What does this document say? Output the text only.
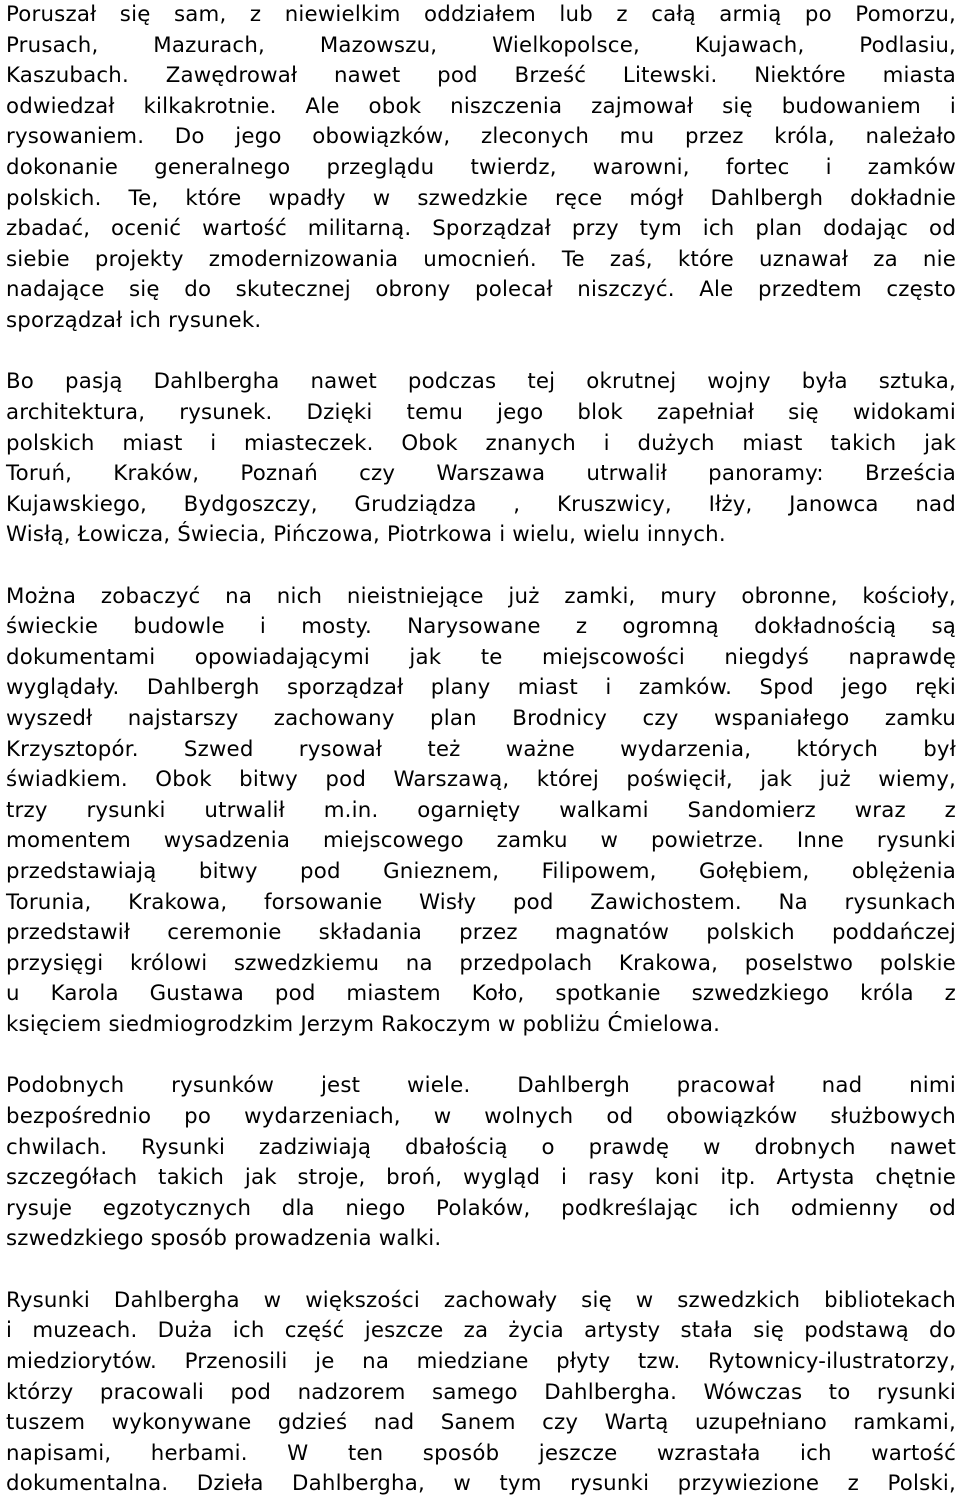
Poruszał się sam, z niewielkim oddziałem lub z całą armią po Pomorzu,
Prusach, Mazurach, Mazowszu, Wielkopolsce, Kujawach, Podlasiu,
Kaszubach. Zawędrował nawet pod Brześć Litewski. Niektóre miasta
odwiedzał kilkakrotnie. Ale obok niszczenia zajmował się budowaniem i
rysowaniem. Do jego obowiązków, zleconych mu przez króla, należało
dokonanie generalnego przeglądu twierdz, warowni, fortec i zamków
polskich. Te, które wpadły w szwedzkie ręce mógł Dahlbergh dokładnie
zbadać, ocenić wartość militarną. Sporządzał przy tym ich plan dodając od
siebie projekty zmodernizowania umocnień. Te zaś, które uznawał za nie
nadające się do skutecznej obrony polecał niszczyć. Ale przedtem często
sporządzał ich rysunek.
Bo pasją Dahlbergha nawet podczas tej okrutnej wojny była sztuka,
architektura, rysunek. Dzięki temu jego blok zapełniał się widokami
polskich miast i miasteczek. Obok znanych i dużych miast takich jak
Toruń, Kraków, Poznań czy Warszawa utrwalił panoramy: Brześcia
Kujawskiego, Bydgoszczy, Grudziądza , Kruszwicy, Iłży, Janowca nad
Wisłą, Łowicza, Świecia, Pińczowa, Piotrkowa i wielu, wielu innych.
Można zobaczyć na nich nieistniejące już zamki, mury obronne, kościoły,
świeckie budowle i mosty. Narysowane z ogromną dokładnością są
dokumentami opowiadającymi jak te miejscowości niegdyś naprawdę
wyglądały. Dahlbergh sporządzał plany miast i zamków. Spod jego ręki
wyszedł najstarszy zachowany plan Brodnicy czy wspaniałego zamku
Krzysztopór. Szwed rysował też ważne wydarzenia, których był
świadkiem. Obok bitwy pod Warszawą, której poświęcił, jak już wiemy,
trzy rysunki utrwalił m.in. ogarnięty walkami Sandomierz wraz z
momentem wysadzenia miejscowego zamku w powietrze. Inne rysunki
przedstawiają bitwy pod Gnieznem, Filipowem, Gołębiem, oblężenia
Torunia, Krakowa, forsowanie Wisły pod Zawichostem. Na rysunkach
przedstawił ceremonie składania przez magnatów polskich poddańczej
przysięgi królowi szwedzkiemu na przedpolach Krakowa, poselstwo polskie
u Karola Gustawa pod miastem Koło, spotkanie szwedzkiego króla z
księciem siedmiogrodzkim Jerzym Rakoczym w pobliżu Ćmielowa.
Podobnych rysunków jest wiele. Dahlbergh pracował nad nimi
bezpośrednio po wydarzeniach, w wolnych od obowiązków służbowych
chwilach. Rysunki zadziwiają dbałością o prawdę w drobnych nawet
szczegółach takich jak stroje, broń, wygląd i rasy koni itp. Artysta chętnie
rysuje egzotycznych dla niego Polaków, podkreślając ich odmienny od
szwedzkiego sposób prowadzenia walki.
Rysunki Dahlbergha w większości zachowały się w szwedzkich bibliotekach
i muzeach. Duża ich część jeszcze za życia artysty stała się podstawą do
miedziorytów. Przenosili je na miedziane płyty tzw. Rytownicy-ilustratorzy,
którzy pracowali pod nadzorem samego Dahlbergha. Wówczas to rysunki
tuszem wykonywane gdzieś nad Sanem czy Wartą uzupełniano ramkami,
napisami, herbami. W ten sposób jeszcze wzrastała ich wartość
dokumentalna. Dzieła Dahlbergha, w tym rysunki przywiezione z Polski,
